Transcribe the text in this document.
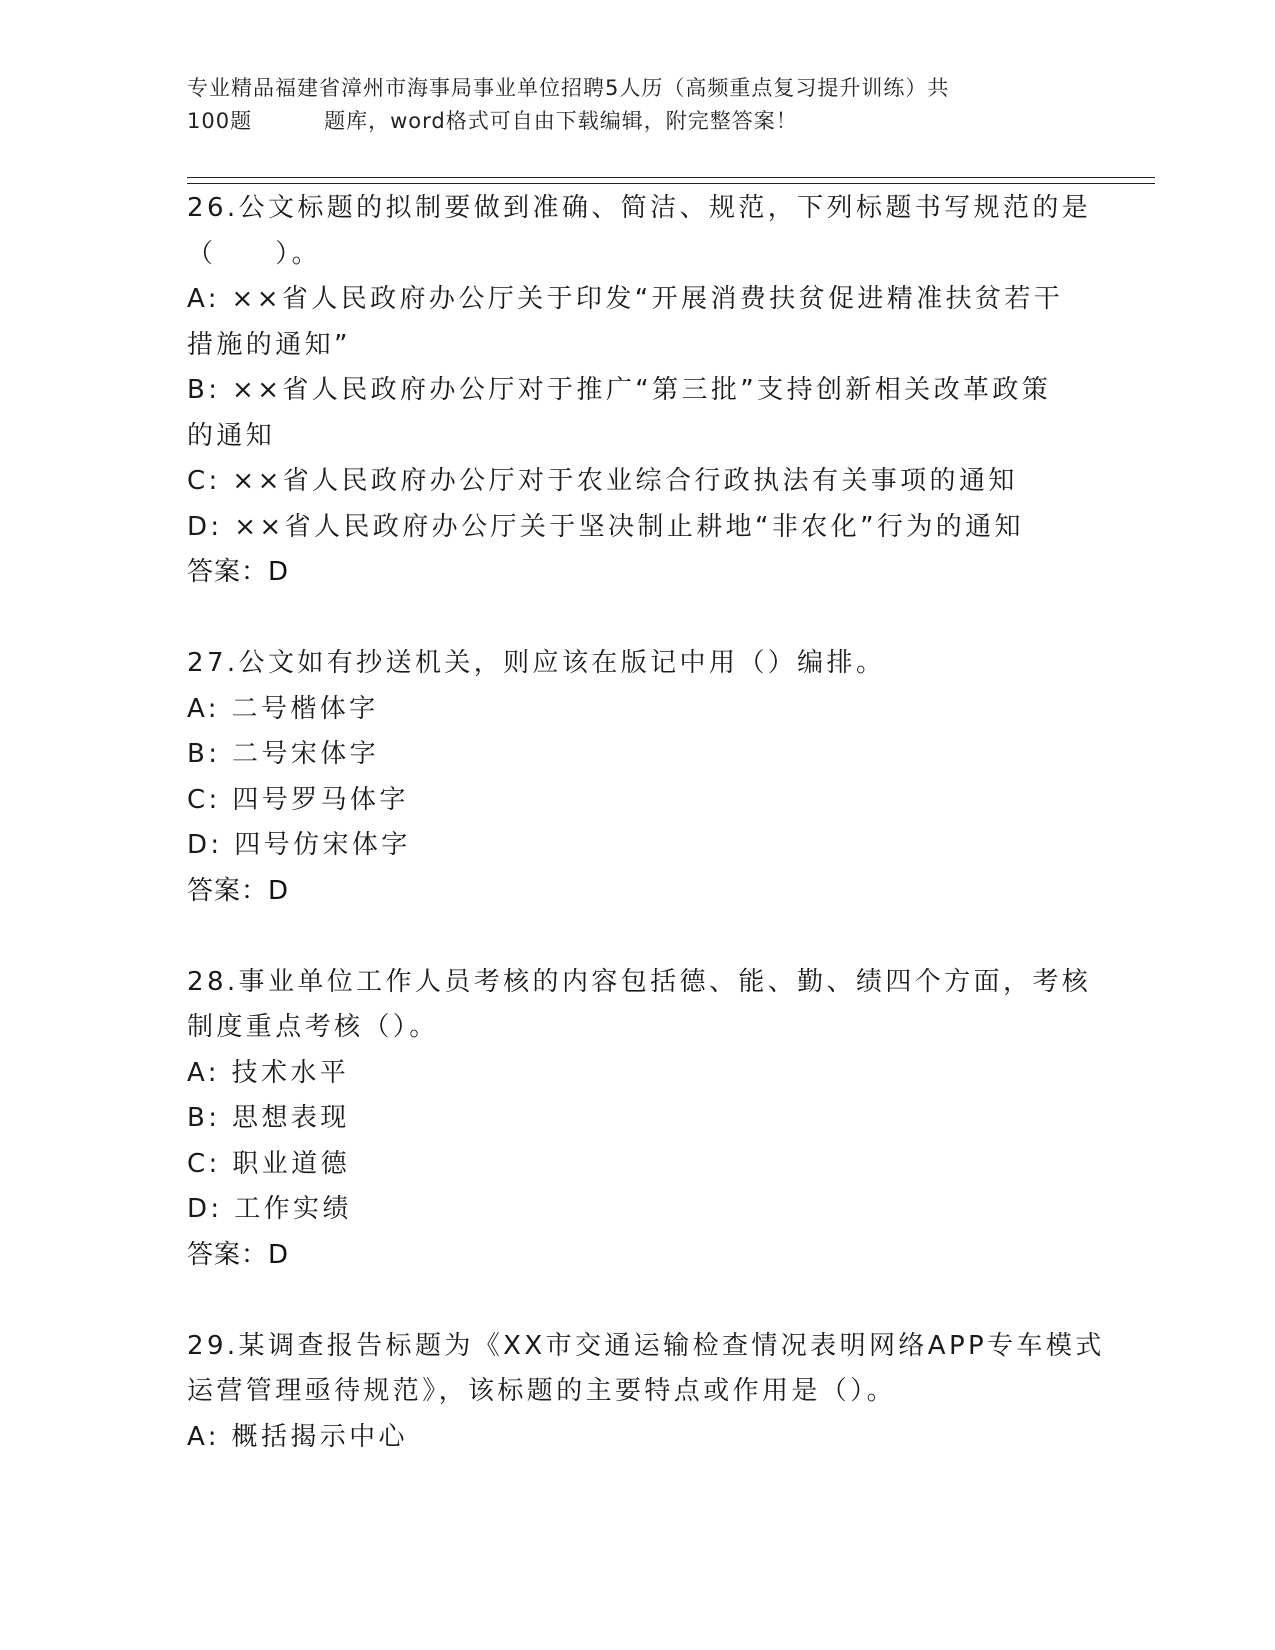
专业精品福建省漳州市海事局事业单位招聘5人历（高频重点复习提升训练）共
100题	题库，word格式可自由下载编辑，附完整答案！
26.公文标题的拟制要做到准确、简洁、规范，下列标题书写规范的是
（　　）。
A: ××省人民政府办公厅关于印发“开展消费扶贫促进精准扶贫若干
措施的通知”
B: ××省人民政府办公厅对于推广“第三批”支持创新相关改革政策
的通知
C: ××省人民政府办公厅对于农业综合行政执法有关事项的通知
D: ××省人民政府办公厅关于坚决制止耕地“非农化”行为的通知
答案：D
27.公文如有抄送机关，则应该在版记中用（）编排。
A: 二号楷体字
B: 二号宋体字
C: 四号罗马体字
D: 四号仿宋体字
答案：D
28.事业单位工作人员考核的内容包括德、能、勤、绩四个方面，考核
制度重点考核（）。
A: 技术水平
B: 思想表现
C: 职业道德
D: 工作实绩
答案：D
29.某调查报告标题为《XX市交通运输检查情况表明网络APP专车模式
运营管理亟待规范》，该标题的主要特点或作用是（）。
A: 概括揭示中心
